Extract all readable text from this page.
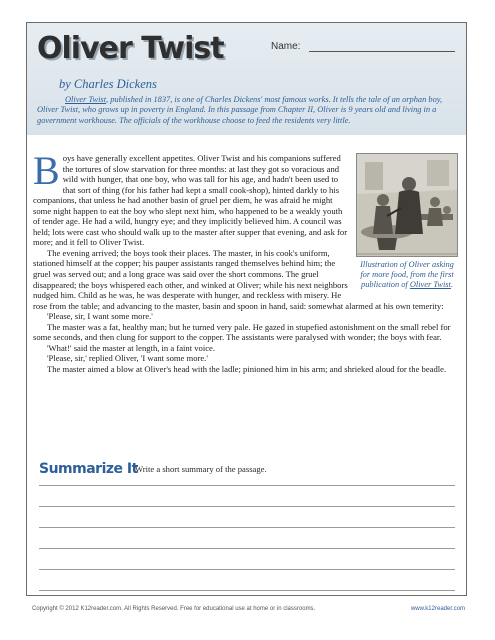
Oliver Twist	Name:
by Charles Dickens

Oliver Twist, published in 1837, is one of Charles Dickens' most famous works. It tells the tale of an orphan boy, Oliver Twist, who grows up in poverty in England. In this passage from Chapter II, Oliver is 9 years old and living in a government workhouse. The officials of the workhouse choose to feed the residents very little.

Illustration of Oliver asking for more food, from the first publication of Oliver Twist.

Boys have generally excellent appetites. Oliver Twist and his companions suffered the tortures of slow starvation for three months: at last they got so voracious and wild with hunger, that one boy, who was tall for his age, and hadn't been used to that sort of thing (for his father had kept a small cook-shop), hinted darkly to his companions, that unless he had another basin of gruel per diem, he was afraid he might some night happen to eat the boy who slept next him, who happened to be a weakly youth of tender age. He had a wild, hungry eye; and they implicitly believed him. A council was held; lots were cast who should walk up to the master after supper that evening, and ask for more; and it fell to Oliver Twist.

The evening arrived; the boys took their places. The master, in his cook's uniform, stationed himself at the copper; his pauper assistants ranged themselves behind him; the gruel was served out; and a long grace was said over the short commons. The gruel disappeared; the boys whispered each other, and winked at Oliver; while his next neighbors nudged him. Child as he was, he was desperate with hunger, and reckless with misery. He rose from the table; and advancing to the master, basin and spoon in hand, said: somewhat alarmed at his own temerity:

'Please, sir, I want some more.'

The master was a fat, healthy man; but he turned very pale. He gazed in stupefied astonishment on the small rebel for some seconds, and then clung for support to the copper. The assistants were paralysed with wonder; the boys with fear.

'What!' said the master at length, in a faint voice.

'Please, sir,' replied Oliver, 'I want some more.'

The master aimed a blow at Oliver's head with the ladle; pinioned him in his arm; and shrieked aloud for the beadle.

Summarize It
Write a short summary of the passage.
Copyright © 2012 K12reader.com. All Rights Reserved. Free for educational use at home or in classrooms.	www.k12reader.com
